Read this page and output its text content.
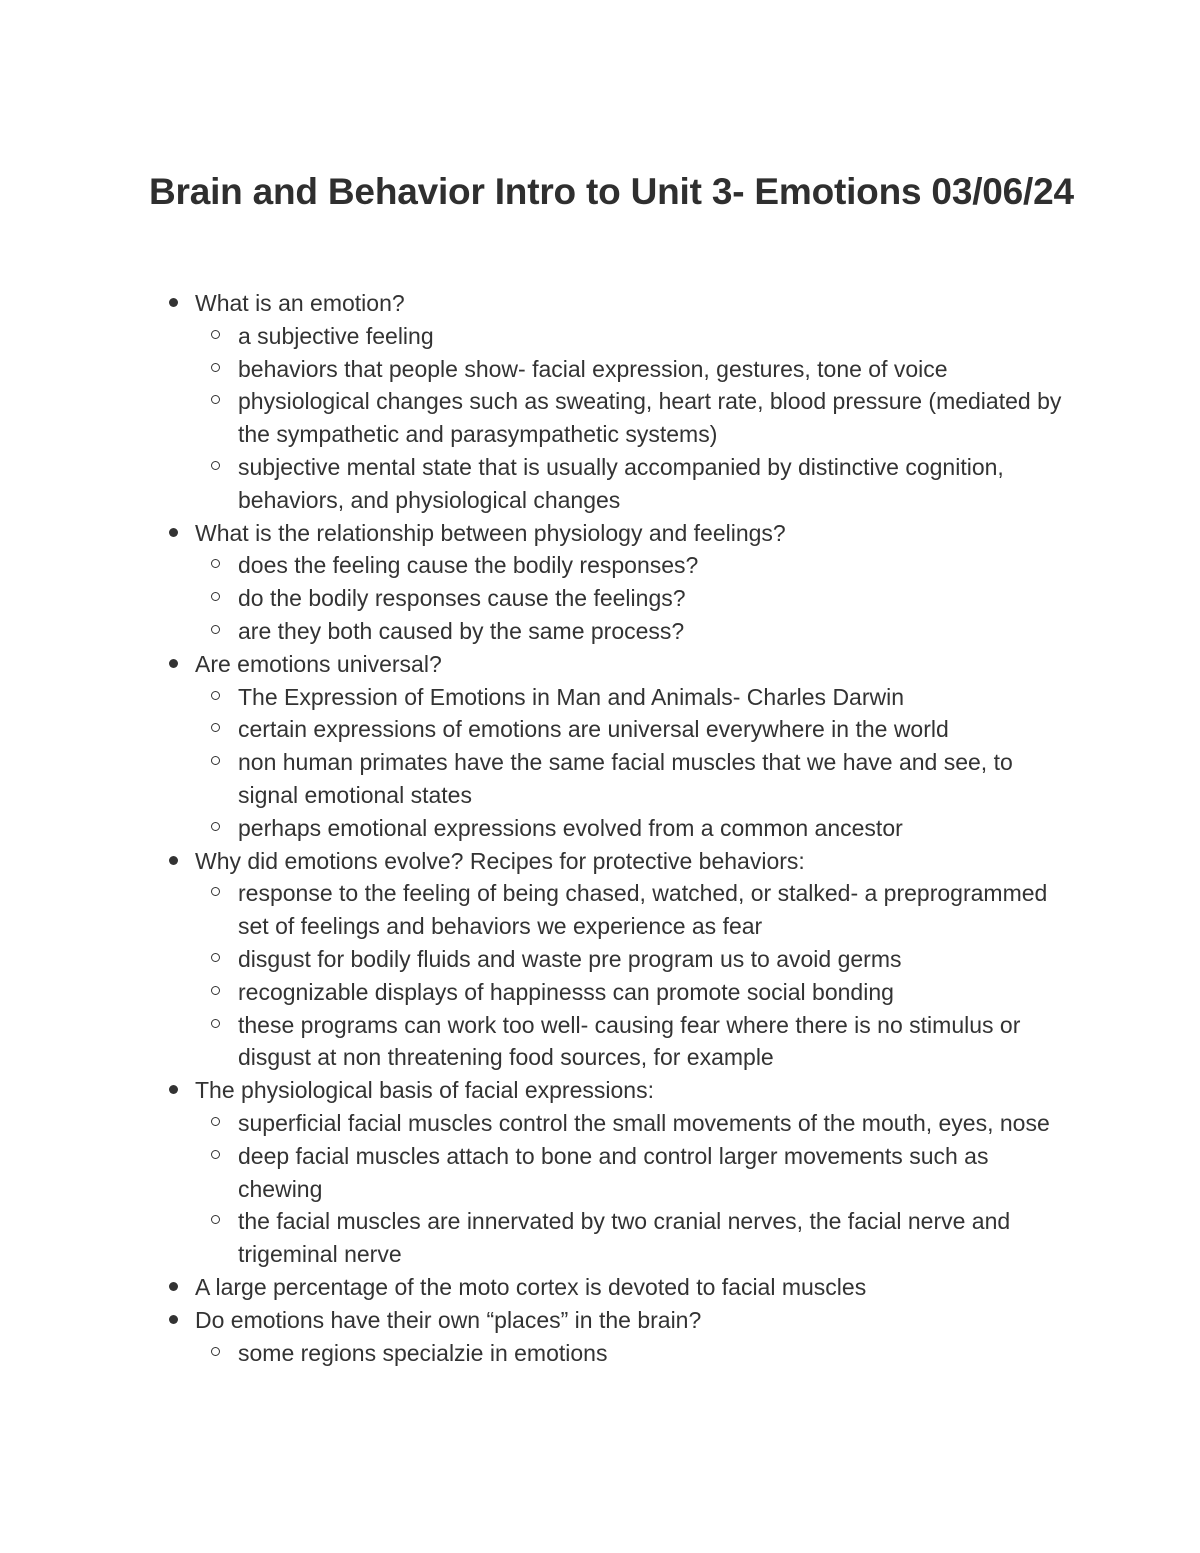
Brain and Behavior Intro to Unit 3- Emotions 03/06/24
What is an emotion?
a subjective feeling
behaviors that people show- facial expression, gestures, tone of voice
physiological changes such as sweating, heart rate, blood pressure (mediated by the sympathetic and parasympathetic systems)
subjective mental state that is usually accompanied by distinctive cognition, behaviors, and physiological changes
What is the relationship between physiology and feelings?
does the feeling cause the bodily responses?
do the bodily responses cause the feelings?
are they both caused by the same process?
Are emotions universal?
The Expression of Emotions in Man and Animals- Charles Darwin
certain expressions of emotions are universal everywhere in the world
non human primates have the same facial muscles that we have and see, to signal emotional states
perhaps emotional expressions evolved from a common ancestor
Why did emotions evolve? Recipes for protective behaviors:
response to the feeling of being chased, watched, or stalked- a preprogrammed set of feelings and behaviors we experience as fear
disgust for bodily fluids and waste pre program us to avoid germs
recognizable displays of happinesss can promote social bonding
these programs can work too well- causing fear where there is no stimulus or disgust at non threatening food sources, for example
The physiological basis of facial expressions:
superficial facial muscles control the small movements of the mouth, eyes, nose
deep facial muscles attach to bone and control larger movements such as chewing
the facial muscles are innervated by two cranial nerves, the facial nerve and trigeminal nerve
A large percentage of the moto cortex is devoted to facial muscles
Do emotions have their own “places” in the brain?
some regions specialzie in emotions
